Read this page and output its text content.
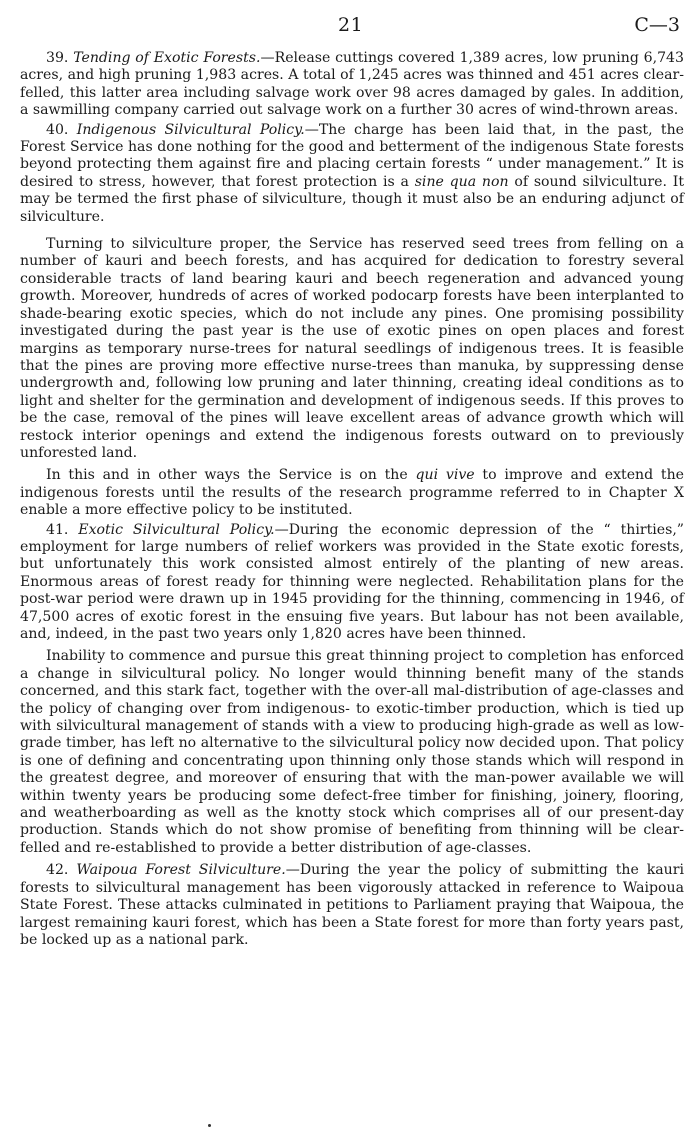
21	C—3

39. Tending of Exotic Forests.—Release cuttings covered 1,389 acres, low pruning 6,743 acres, and high pruning 1,983 acres. A total of 1,245 acres was thinned and 451 acres clear-felled, this latter area including salvage work over 98 acres damaged by gales. In addition, a sawmilling company carried out salvage work on a further 30 acres of wind-thrown areas.

40. Indigenous Silvicultural Policy.—The charge has been laid that, in the past, the Forest Service has done nothing for the good and betterment of the indigenous State forests beyond protecting them against fire and placing certain forests “ under management.” It is desired to stress, however, that forest protection is a sine qua non of sound silviculture. It may be termed the first phase of silviculture, though it must also be an enduring adjunct of silviculture.

Turning to silviculture proper, the Service has reserved seed trees from felling on a number of kauri and beech forests, and has acquired for dedication to forestry several considerable tracts of land bearing kauri and beech regeneration and advanced young growth. Moreover, hundreds of acres of worked podocarp forests have been interplanted to shade-bearing exotic species, which do not include any pines. One promising possibility investigated during the past year is the use of exotic pines on open places and forest margins as temporary nurse-trees for natural seedlings of indigenous trees. It is feasible that the pines are proving more effective nurse-trees than manuka, by suppressing dense undergrowth and, following low pruning and later thinning, creating ideal conditions as to light and shelter for the germination and development of indigenous seeds. If this proves to be the case, removal of the pines will leave excellent areas of advance growth which will restock interior openings and extend the indigenous forests outward on to previously unforested land.

In this and in other ways the Service is on the qui vive to improve and extend the indigenous forests until the results of the research programme referred to in Chapter X enable a more effective policy to be instituted.

41. Exotic Silvicultural Policy.—During the economic depression of the “ thirties,” employment for large numbers of relief workers was provided in the State exotic forests, but unfortunately this work consisted almost entirely of the planting of new areas. Enormous areas of forest ready for thinning were neglected. Rehabilitation plans for the post-war period were drawn up in 1945 providing for the thinning, commencing in 1946, of 47,500 acres of exotic forest in the ensuing five years. But labour has not been available, and, indeed, in the past two years only 1,820 acres have been thinned.

Inability to commence and pursue this great thinning project to completion has enforced a change in silvicultural policy. No longer would thinning benefit many of the stands concerned, and this stark fact, together with the over-all mal-distribution of age-classes and the policy of changing over from indigenous- to exotic-timber production, which is tied up with silvicultural management of stands with a view to producing high-grade as well as low-grade timber, has left no alternative to the silvicultural policy now decided upon. That policy is one of defining and concentrating upon thinning only those stands which will respond in the greatest degree, and moreover of ensuring that with the man-power available we will within twenty years be producing some defect-free timber for finishing, joinery, flooring, and weatherboarding as well as the knotty stock which comprises all of our present-day production. Stands which do not show promise of benefiting from thinning will be clear-felled and re-established to provide a better distribution of age-classes.

42. Waipoua Forest Silviculture.—During the year the policy of submitting the kauri forests to silvicultural management has been vigorously attacked in reference to Waipoua State Forest. These attacks culminated in petitions to Parliament praying that Waipoua, the largest remaining kauri forest, which has been a State forest for more than forty years past, be locked up as a national park.
